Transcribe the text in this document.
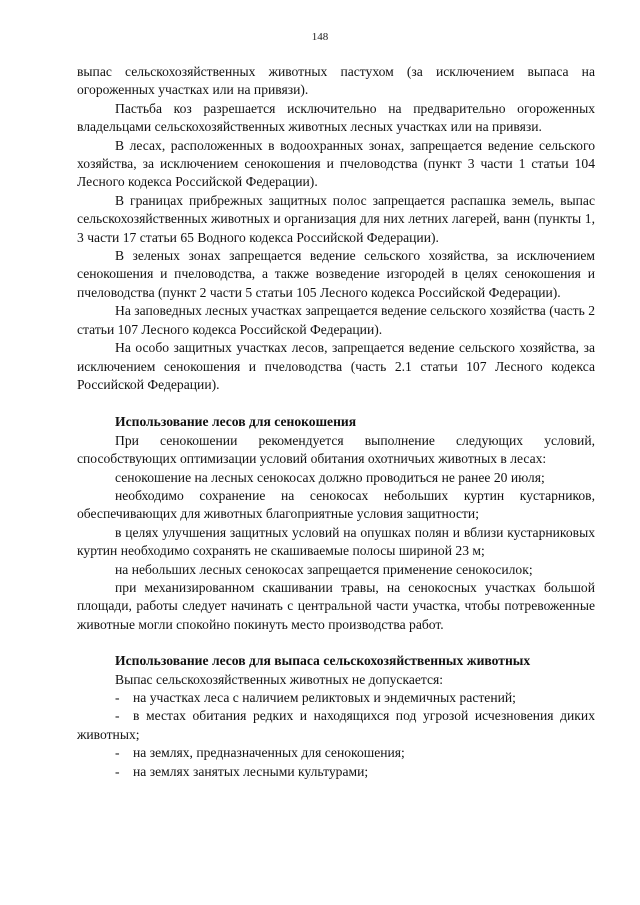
148

выпас сельскохозяйственных животных пастухом (за исключением выпаса на огороженных участках или на привязи).

Пастьба коз разрешается исключительно на предварительно огороженных владельцами сельскохозяйственных животных лесных участках или на привязи.

В лесах, расположенных в водоохранных зонах, запрещается ведение сельского хозяйства, за исключением сенокошения и пчеловодства (пункт 3 части 1 статьи 104 Лесного кодекса Российской Федерации).

В границах прибрежных защитных полос запрещается распашка земель, выпас сельскохозяйственных животных и организация для них летних лагерей, ванн (пункты 1, 3 части 17 статьи 65 Водного кодекса Российской Федерации).

В зеленых зонах запрещается ведение сельского хозяйства, за исключением сенокошения и пчеловодства, а также возведение изгородей в целях сенокошения и пчеловодства (пункт 2 части 5 статьи 105 Лесного кодекса Российской Федерации).

На заповедных лесных участках запрещается ведение сельского хозяйства (часть 2 статьи 107 Лесного кодекса Российской Федерации).

На особо защитных участках лесов, запрещается ведение сельского хозяйства, за исключением сенокошения и пчеловодства (часть 2.1 статьи 107 Лесного кодекса Российской Федерации).

Использование лесов для сенокошения

При сенокошении рекомендуется выполнение следующих условий, способствующих оптимизации условий обитания охотничьих животных в лесах:

сенокошение на лесных сенокосах должно проводиться не ранее 20 июля;

необходимо сохранение на сенокосах небольших куртин кустарников, обеспечивающих для животных благоприятные условия защитности;

в целях улучшения защитных условий на опушках полян и вблизи кустарниковых куртин необходимо сохранять не скашиваемые полосы шириной 23 м;

на небольших лесных сенокосах запрещается применение сенокосилок;

при механизированном скашивании травы, на сенокосных участках большой площади, работы следует начинать с центральной части участка, чтобы потревоженные животные могли спокойно покинуть место производства работ.

Использование лесов для выпаса сельскохозяйственных животных

Выпас сельскохозяйственных животных не допускается:

- на участках леса с наличием реликтовых и эндемичных растений;

- в местах обитания редких и находящихся под угрозой исчезновения диких животных;

- на землях, предназначенных для сенокошения;

- на землях занятых лесными культурами;
